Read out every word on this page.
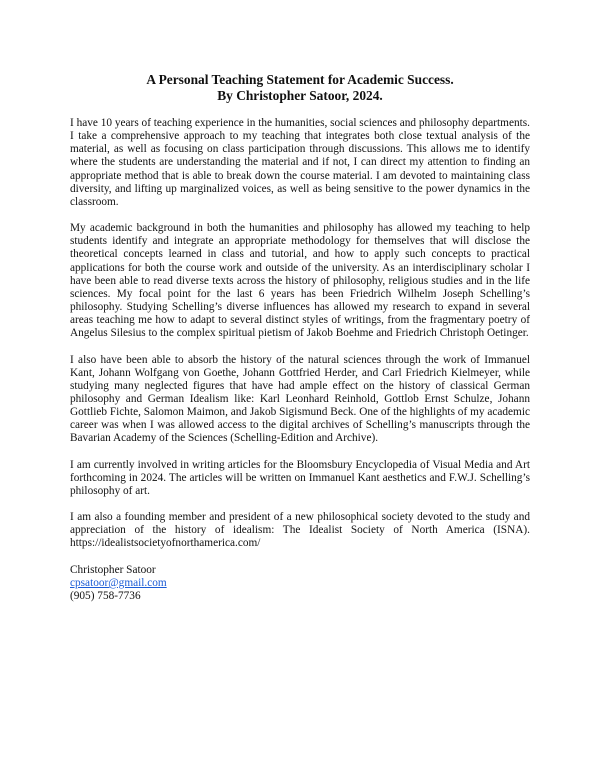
A Personal Teaching Statement for Academic Success.
By Christopher Satoor, 2024.

I have 10 years of teaching experience in the humanities, social sciences and philosophy departments. I take a comprehensive approach to my teaching that integrates both close textual analysis of the material, as well as focusing on class participation through discussions. This allows me to identify where the students are understanding the material and if not, I can direct my attention to finding an appropriate method that is able to break down the course material. I am devoted to maintaining class diversity, and lifting up marginalized voices, as well as being sensitive to the power dynamics in the classroom.

My academic background in both the humanities and philosophy has allowed my teaching to help students identify and integrate an appropriate methodology for themselves that will disclose the theoretical concepts learned in class and tutorial, and how to apply such concepts to practical applications for both the course work and outside of the university. As an interdisciplinary scholar I have been able to read diverse texts across the history of philosophy, religious studies and in the life sciences. My focal point for the last 6 years has been Friedrich Wilhelm Joseph Schelling’s philosophy. Studying Schelling’s diverse influences has allowed my research to expand in several areas teaching me how to adapt to several distinct styles of writings, from the fragmentary poetry of Angelus Silesius to the complex spiritual pietism of Jakob Boehme and Friedrich Christoph Oetinger.

I also have been able to absorb the history of the natural sciences through the work of Immanuel Kant, Johann Wolfgang von Goethe, Johann Gottfried Herder, and Carl Friedrich Kielmeyer, while studying many neglected figures that have had ample effect on the history of classical German philosophy and German Idealism like: Karl Leonhard Reinhold, Gottlob Ernst Schulze, Johann Gottlieb Fichte, Salomon Maimon, and Jakob Sigismund Beck. One of the highlights of my academic career was when I was allowed access to the digital archives of Schelling’s manuscripts through the Bavarian Academy of the Sciences (Schelling-Edition and Archive).

I am currently involved in writing articles for the Bloomsbury Encyclopedia of Visual Media and Art forthcoming in 2024. The articles will be written on Immanuel Kant aesthetics and F.W.J. Schelling’s philosophy of art.

I am also a founding member and president of a new philosophical society devoted to the study and appreciation of the history of idealism: The Idealist Society of North America (ISNA). https://idealistsocietyofnorthamerica.com/

Christopher Satoor
cpsatoor@gmail.com
(905) 758-7736
